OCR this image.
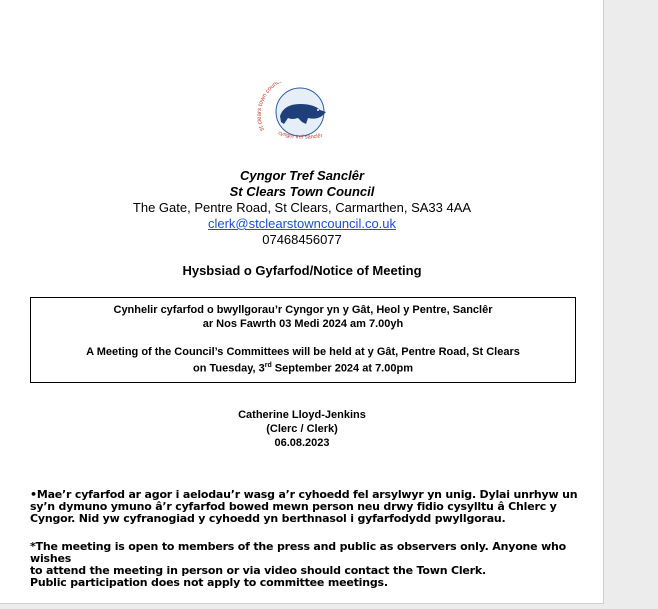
st clears town counc
cyngor tref sanclêr
Cyngor Tref Sanclêr
St Clears Town Council
The Gate, Pentre Road, St Clears, Carmarthen, SA33 4AA
clerk@stclearstowncouncil.co.uk
07468456077
Hysbsiad o Gyfarfod/Notice of Meeting

Cynhelir cyfarfod o bwyllgorau’r Cyngor yn y Gât, Heol y Pentre, Sanclêr

ar Nos Fawrth 03 Medi 2024 am 7.00yh

A Meeting of the Council’s Committees will be held at y Gât, Pentre Road, St Clears

on Tuesday, 3rd September 2024 at 7.00pm

Catherine Lloyd-Jenkins
(Clerc / Clerk)
06.08.2023
•Mae’r cyfarfod ar agor i aelodau’r wasg a’r cyhoedd fel arsylwyr yn unig. Dylai unrhyw un
sy’n dymuno ymuno â’r cyfarfod bowed mewn person neu drwy fidio cysylltu â Chlerc y
Cyngor. Nid yw cyfranogiad y cyhoedd yn berthnasol i gyfarfodydd pwyllgorau.
*The meeting is open to members of the press and public as observers only. Anyone who wishes
to attend the meeting in person or via video should contact the Town Clerk.
Public participation does not apply to committee meetings.
